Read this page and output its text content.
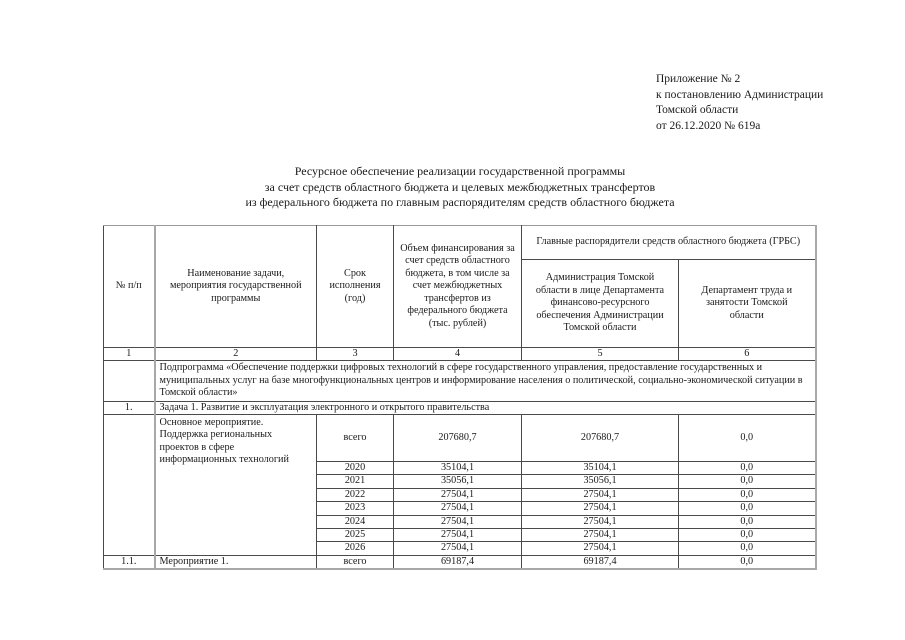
Приложение № 2
к постановлению Администрации
Томской области
от 26.12.2020 № 619а
Ресурсное обеспечение реализации государственной программы
за счет средств областного бюджета и целевых межбюджетных трансфертов
из федерального бюджета по главным распорядителям средств областного бюджета
№ п/п	Наименование задачи, мероприятия государственной программы	Срок исполнения (год)	Объем финансирования за счет средств областного бюджета, в том числе за счет межбюджетных трансфертов из федерального бюджета (тыс. рублей)	Главные распорядители средств областного бюджета (ГРБС)	
				Администрация Томской области в лице Департамента финансово-ресурсного обеспечения Администрации Томской области	Департамент труда и занятости Томской области
1	2	3	4	5	6
	Подпрограмма «Обеспечение поддержки цифровых технологий в сфере государственного управления, предоставление государственных и муниципальных услуг на базе многофункциональных центров и информирование населения о политической, социально-экономической ситуации в Томской области»				
1.	Задача 1. Развитие и эксплуатация электронного и открытого правительства				
	Основное мероприятие. Поддержка региональных проектов в сфере информационных технологий	всего	207680,7	207680,7	0,0
		2020	35104,1	35104,1	0,0
		2021	35056,1	35056,1	0,0
		2022	27504,1	27504,1	0,0
		2023	27504,1	27504,1	0,0
		2024	27504,1	27504,1	0,0
		2025	27504,1	27504,1	0,0
		2026	27504,1	27504,1	0,0
1.1.	Мероприятие 1.	всего	69187,4	69187,4	0,0
